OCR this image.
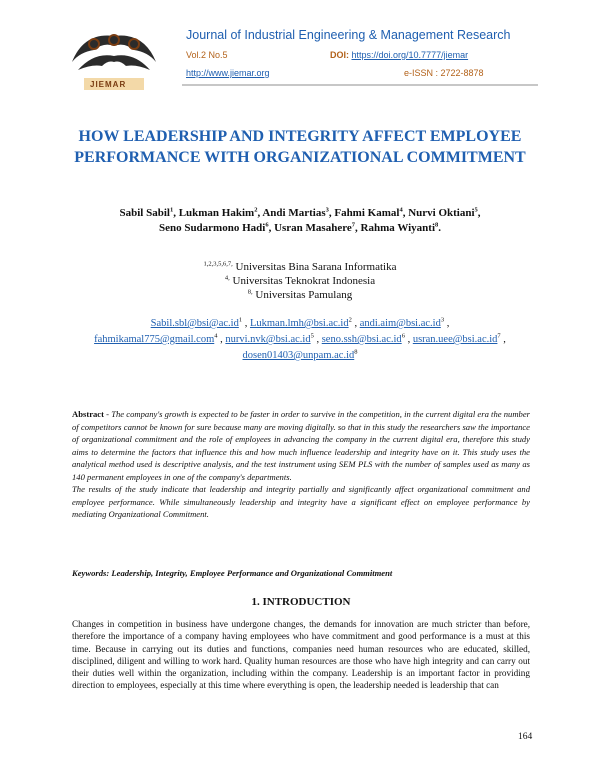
JIEMAR
Journal of Industrial Engineering & Management Research
Vol.2 No.5	DOI: https://doi.org/10.7777/jiemar
http://www.jiemar.org	e-ISSN : 2722-8878
HOW LEADERSHIP AND INTEGRITY AFFECT EMPLOYEE PERFORMANCE WITH ORGANIZATIONAL COMMITMENT
Sabil Sabil$^1$, Lukman Hakim$^2$, Andi Martias$^3$, Fahmi Kamal$^4$, Nurvi Oktiani$^5$,
Seno Sudarmono Hadi$^6$, Usran Masahere$^7$, Rahma Wiyanti$^8$.
$^{1,2,3,5,6,7,}$ Universitas Bina Sarana Informatika
$^{4,}$ Universitas Teknokrat Indonesia
$^{8,}$ Universitas Pamulang
$Sabil.sbl@bsi@ac.id^1$ , $Lukman.lmh@bsi.ac.id^2$ , $andi.aim@bsi.ac.id^3$ ,
fahmikamal775@gmail.com$^4$ , $nurvi.nvk@bsi.ac.id^5$ , $seno.ssh@bsi.ac.id^6$ , $usran.uee@bsi.ac.id^7$ ,
$dosen01403@unpam.ac.id^8$

Abstract - The company's growth is expected to be faster in order to survive in the competition, in the current digital era the number of competitors cannot be known for sure because many are moving digitally. so that in this study the researchers saw the importance of organizational commitment and the role of employees in advancing the company in the current digital era, therefore this study aims to determine the factors that influence this and how much influence leadership and integrity have on it. This study uses the analytical method used is descriptive analysis, and the test instrument using SEM PLS with the number of samples used as many as 140 permanent employees in one of the company's departments.

The results of the study indicate that leadership and integrity partially and significantly affect organizational commitment and employee performance. While simultaneously leadership and integrity have a significant effect on employee performance by mediating Organizational Commitment.

Keywords: Leadership, Integrity, Employee Performance and Organizational Commitment
1. INTRODUCTION
Changes in competition in business have undergone changes, the demands for innovation are much stricter than before, therefore the importance of a company having employees who have commitment and good performance is a must at this time. Because in carrying out its duties and functions, companies need human resources who are educated, skilled, disciplined, diligent and willing to work hard. Quality human resources are those who have high integrity and can carry out their duties well within the organization, including within the company. Leadership is an important factor in providing direction to employees, especially at this time where everything is open, the leadership needed is leadership that can
164
